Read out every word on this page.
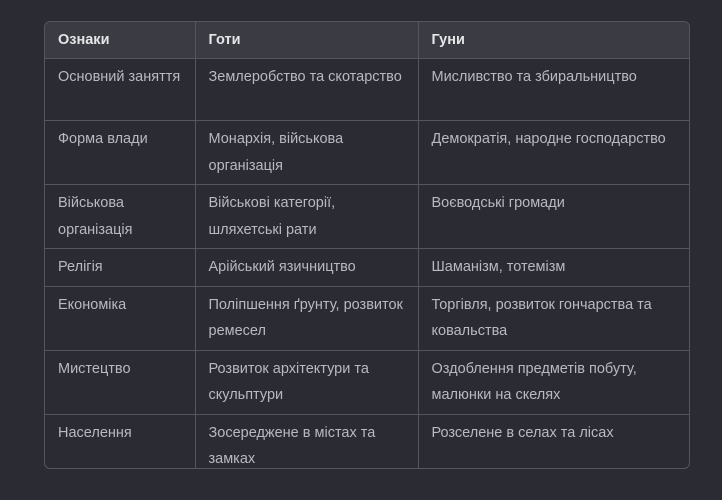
Ознаки	Готи	Гуни
Основний заняття	Землеробство та скотарство	Мисливство та збиральництво
Форма влади	Монархія, військова організація	Демократія, народне господарство
Військова організація	Військові категорії, шляхетські рати	Воєводські громади
Релігія	Арійський язичництво	Шаманізм, тотемізм
Економіка	Поліпшення ґрунту, розвиток ремесел	Торгівля, розвиток гончарства та ковальства
Мистецтво	Розвиток архітектури та скульптури	Оздоблення предметів побуту, малюнки на скелях
Населення	Зосереджене в містах та замках	Розселене в селах та лісах
